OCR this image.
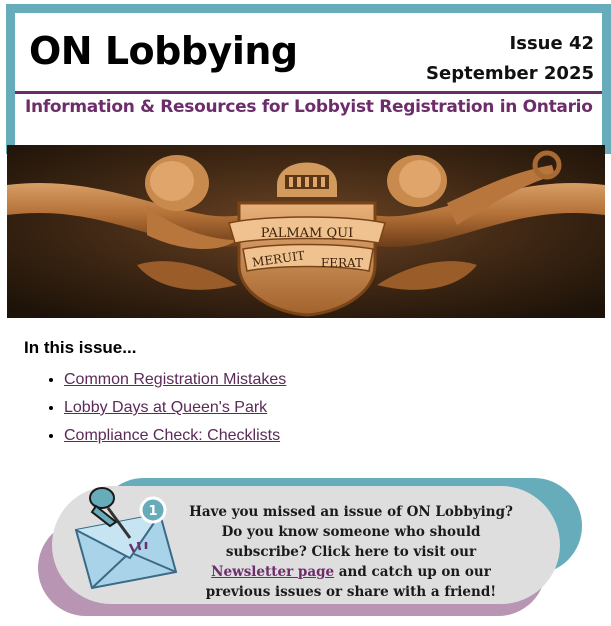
ON Lobbying	Issue 42
September 2025
Information & Resources for Lobbyist Registration in Ontario
PALMAM QUI
MERUIT FERAT
In this issue...
• Common Registration Mistakes
• Lobby Days at Queen's Park
• Compliance Check: Checklists
1 Have you missed an issue of ON Lobbying? Do you know someone who should subscribe? Click here to visit our Newsletter page and catch up on our previous issues or share with a friend!
